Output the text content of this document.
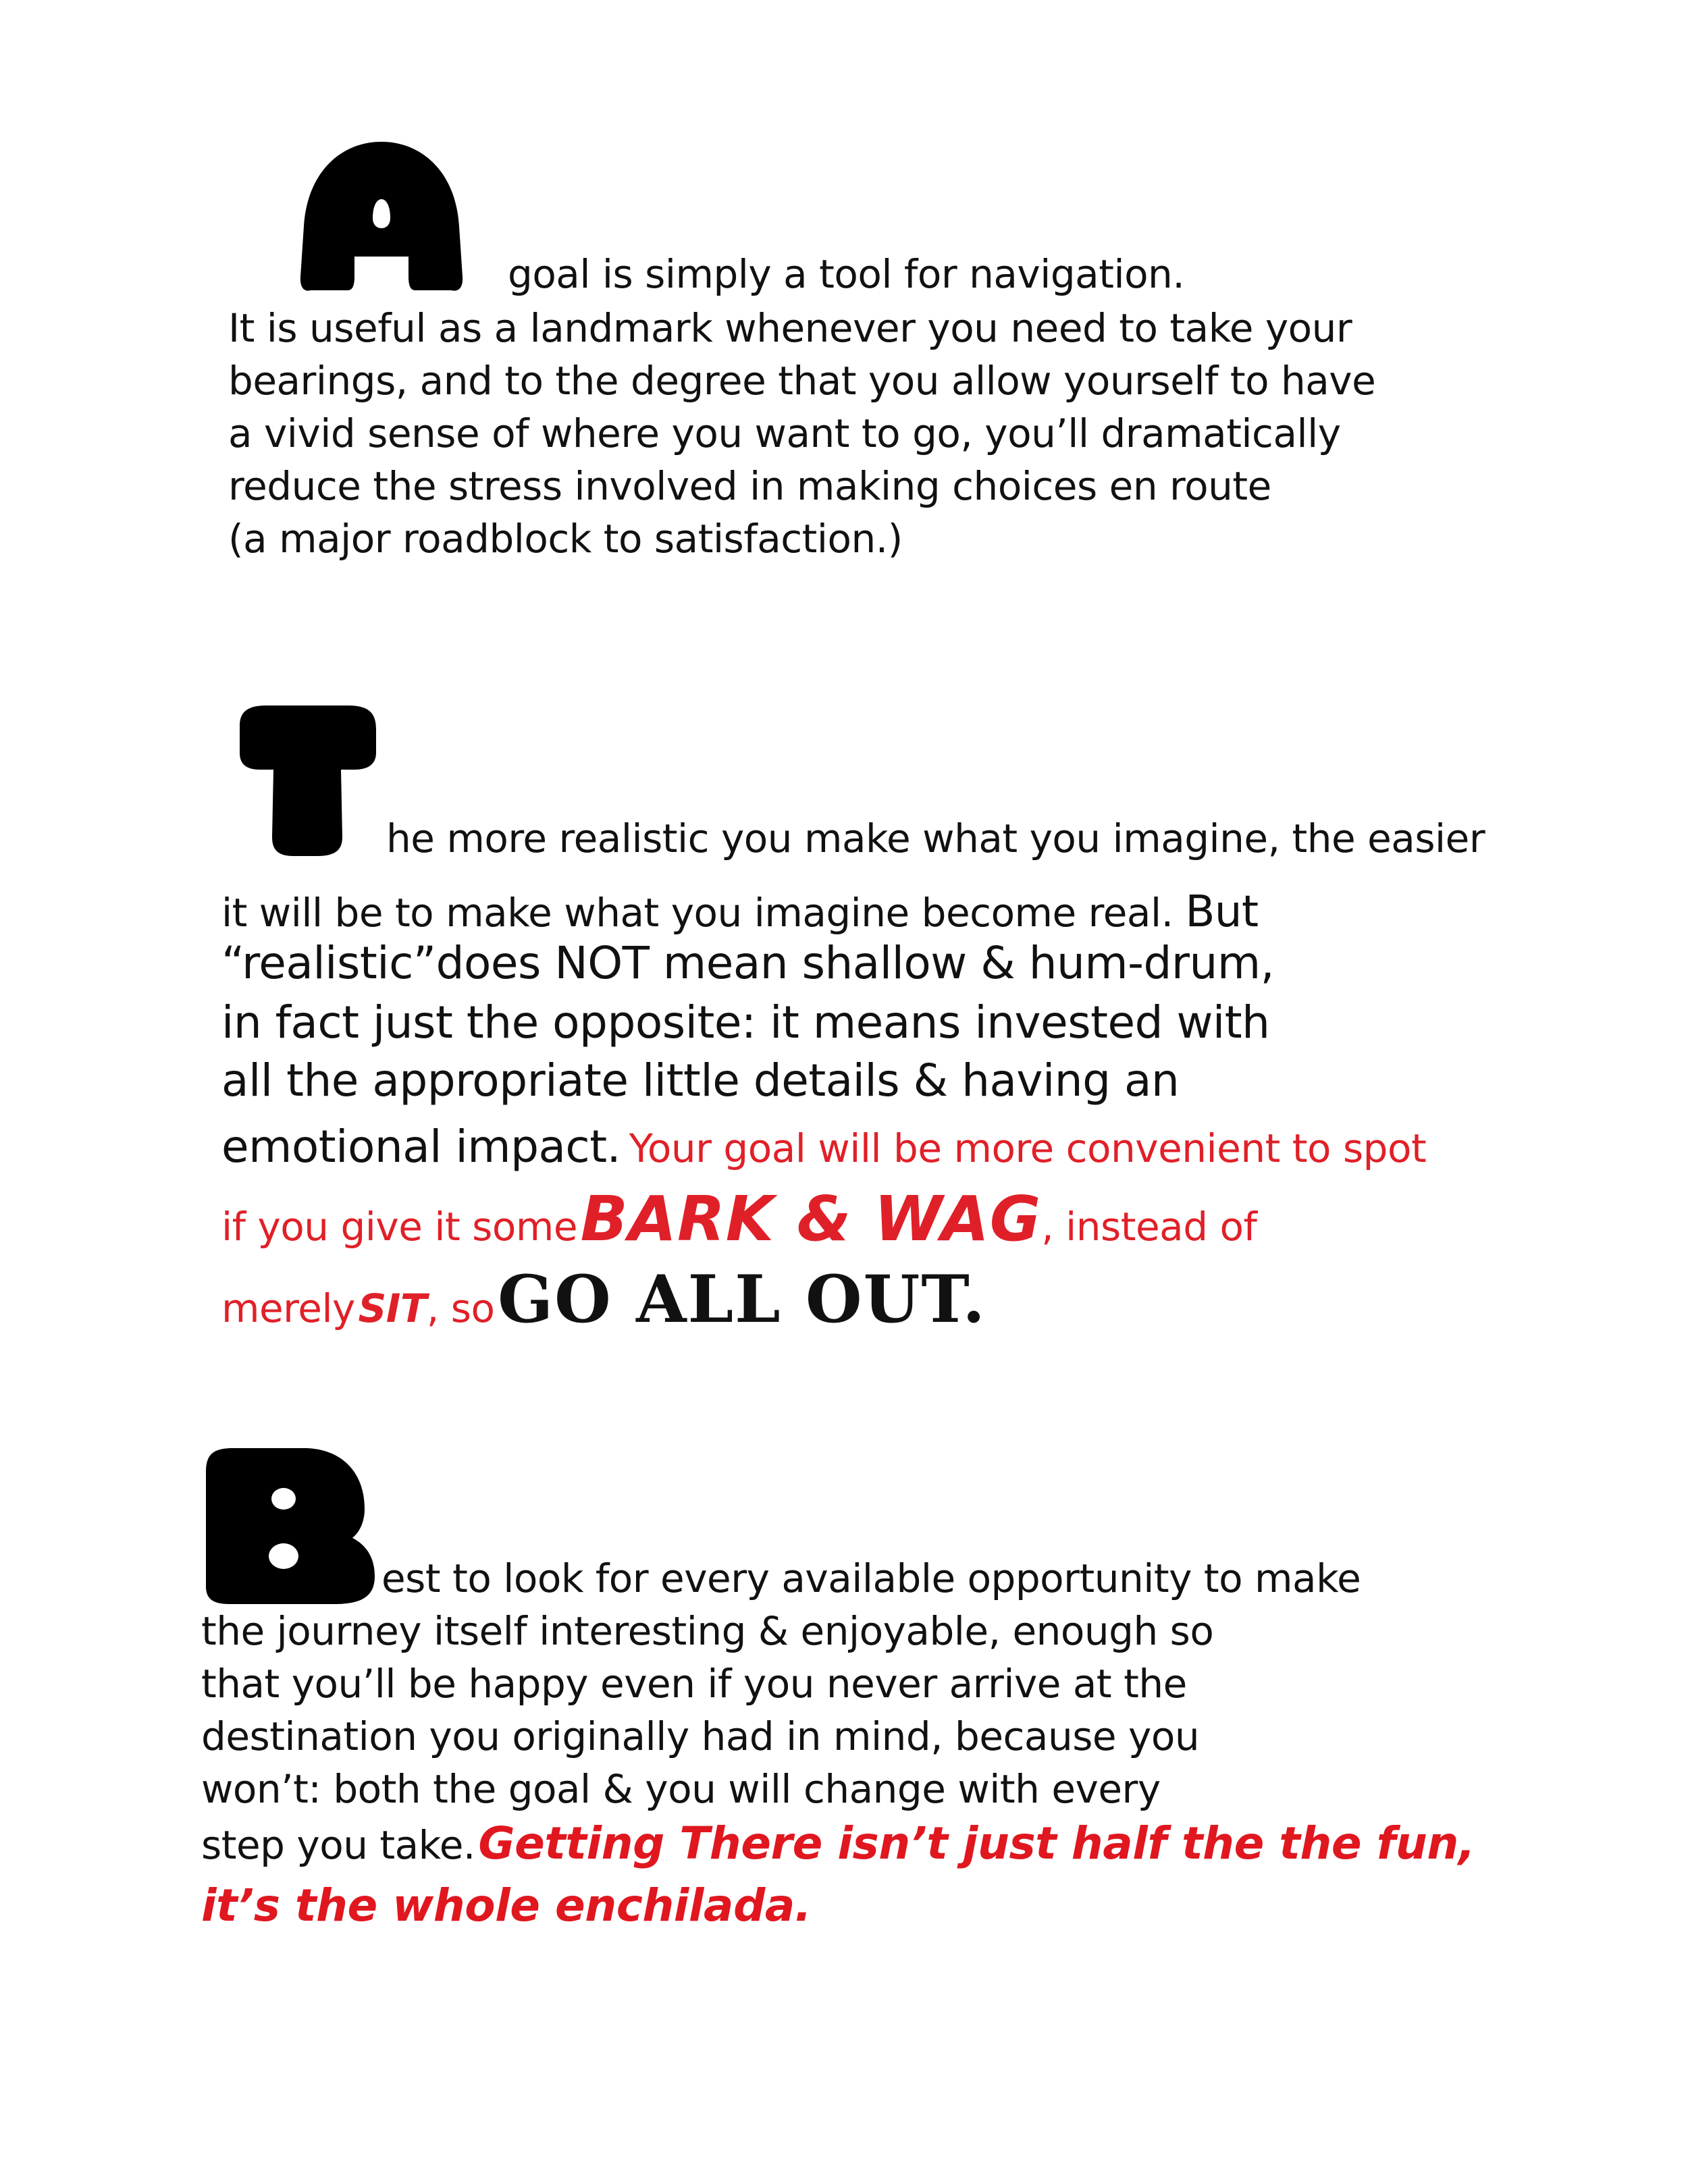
goal is simply a tool for navigation.

It is useful as a landmark whenever you need to take your

bearings, and to the degree that you allow yourself to have

a vivid sense of where you want to go, you’ll dramatically

reduce the stress involved in making choices en route

(a major roadblock to satisfaction.)

he more realistic you make what you imagine, the easier

it will be to make what you imagine become real. But

“realistic”does NOT mean shallow & hum-drum,

in fact just the opposite: it means invested with

all the appropriate little details & having an

emotional impact. Your goal will be more convenient to spot

if you give it some BARK & WAG, instead of

merely SIT, so GO ALL OUT.

est to look for every available opportunity to make

the journey itself interesting & enjoyable, enough so

that you’ll be happy even if you never arrive at the

destination you originally had in mind, because you

won’t: both the goal & you will change with every

step you take. Getting There isn’t just half the the fun,

it’s the whole enchilada.
